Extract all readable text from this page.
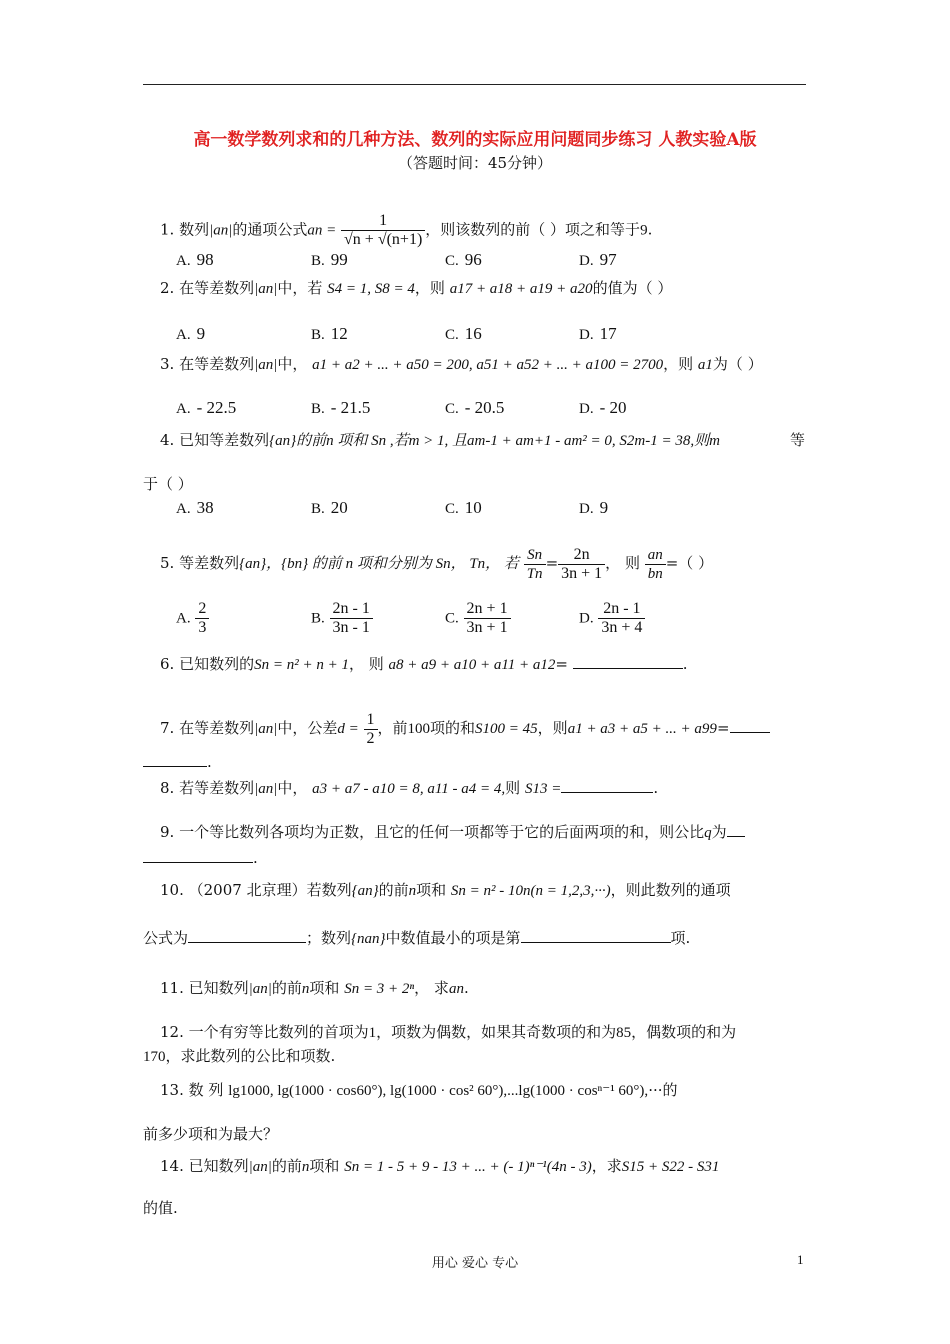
高一数学数列求和的几种方法、数列的实际应用问题同步练习 人教实验A版
（答题时间：45分钟）
1. 数列|an|的通项公式an = $\frac{1}{√n + √(n+1)}$ ，则该数列的前（ ）项之和等于9.
A. 98	B. 99	C. 96	D. 97
2. 在等差数列|an|中，若 S4 = 1, S8 = 4，则 a17 + a18 + a19 + a20的值为（ ）
A. 9	B. 12	C. 16	D. 17
3. 在等差数列|an|中， a1 + a2 + ... + a50 = 200, a51 + a52 + ... + a100 = 2700，则 a1为（ ）
A. - 22.5	B. - 21.5	C. - 20.5	D. - 20
4. 已知等差数列{an}的前n 项和 Sn ,若m > 1, 且am-1 + am+1 - am² = 0, S2m-1 = 38,则m	等
于（ ）
A. 38	B. 20	C. 10	D. 9
5. 等差数列{an}，{bn} 的前 n 项和分别为 Sn， Tn， 若 $\frac{Sn}{Tn} = \frac{2n}{3n + 1}$ ， 则 $\frac{an}{bn}$ =（ ）
A. $\frac{2}{3}$	B. $\frac{2n - 1}{3n - 1}$	C. $\frac{2n + 1}{3n + 1}$	D. $\frac{2n - 1}{3n + 4}$
6. 已知数列的Sn = n² + n + 1， 则 a8 + a9 + a10 + a11 + a12=	.
7. 在等差数列|an|中，公差$d = \frac{1}{2}$ ，前100项的和S100 = 45，则a1 + a3 + a5 + ... + a99=
.
8. 若等差数列|an|中， a3 + a7 - a10 = 8, a11 - a4 = 4,则 S13 =	.
9. 一个等比数列各项均为正数，且它的任何一项都等于它的后面两项的和，则公比q为
.
10. （2007 北京理）若数列{an}的前n项和 Sn = n² - 10n(n = 1,2,3,···)，则此数列的通项
公式为	；数列{nan}中数值最小的项是第	项.
11. 已知数列|an|的前n项和 Sn = 3 + 2ⁿ， 求an.
12. 一个有穷等比数列的首项为1，项数为偶数，如果其奇数项的和为85，偶数项的和为
170，求此数列的公比和项数.
13. 数 列 lg1000, lg(1000 · cos60°), lg(1000 · cos² 60°),...lg(1000 · cosⁿ⁻¹ 60°),···的
前多少项和为最大？
14. 已知数列|an|的前n项和 Sn = 1 - 5 + 9 - 13 + ... + (- 1)ⁿ⁻¹(4n - 3)，求S15 + S22 - S31
的值.
用心 爱心 专心	1
